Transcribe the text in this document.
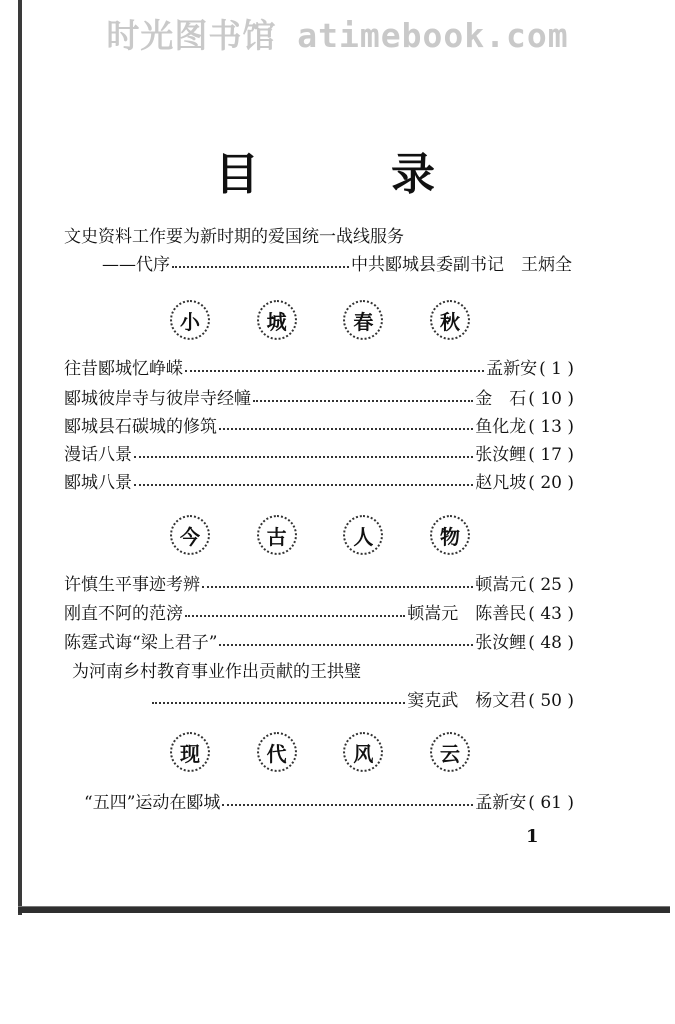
时光图书馆 atimebook.com
目	录
文史资料工作要为新时期的爱国统一战线服务
——代序	中共郾城县委副书记　王炳全
小	城	春	秋
往昔郾城忆峥嵘	孟新安 ( 1 )
郾城彼岸寺与彼岸寺经幢	金　石 ( 10 )
郾城县石碳城的修筑	鱼化龙 ( 13 )
漫话八景	张汝鲤 ( 17 )
郾城八景	赵凡坡 ( 20 )
今	古	人	物
许慎生平事迹考辨	顿嵩元 ( 25 )
刚直不阿的范滂	顿嵩元　陈善民 ( 43 )
陈霆式诲“梁上君子”	张汝鲤 ( 48 )
为河南乡村教育事业作出贡献的王拱璧
窦克武　杨文君 ( 50 )
现	代	风	云
“五四”运动在郾城	孟新安 ( 61 )
1
